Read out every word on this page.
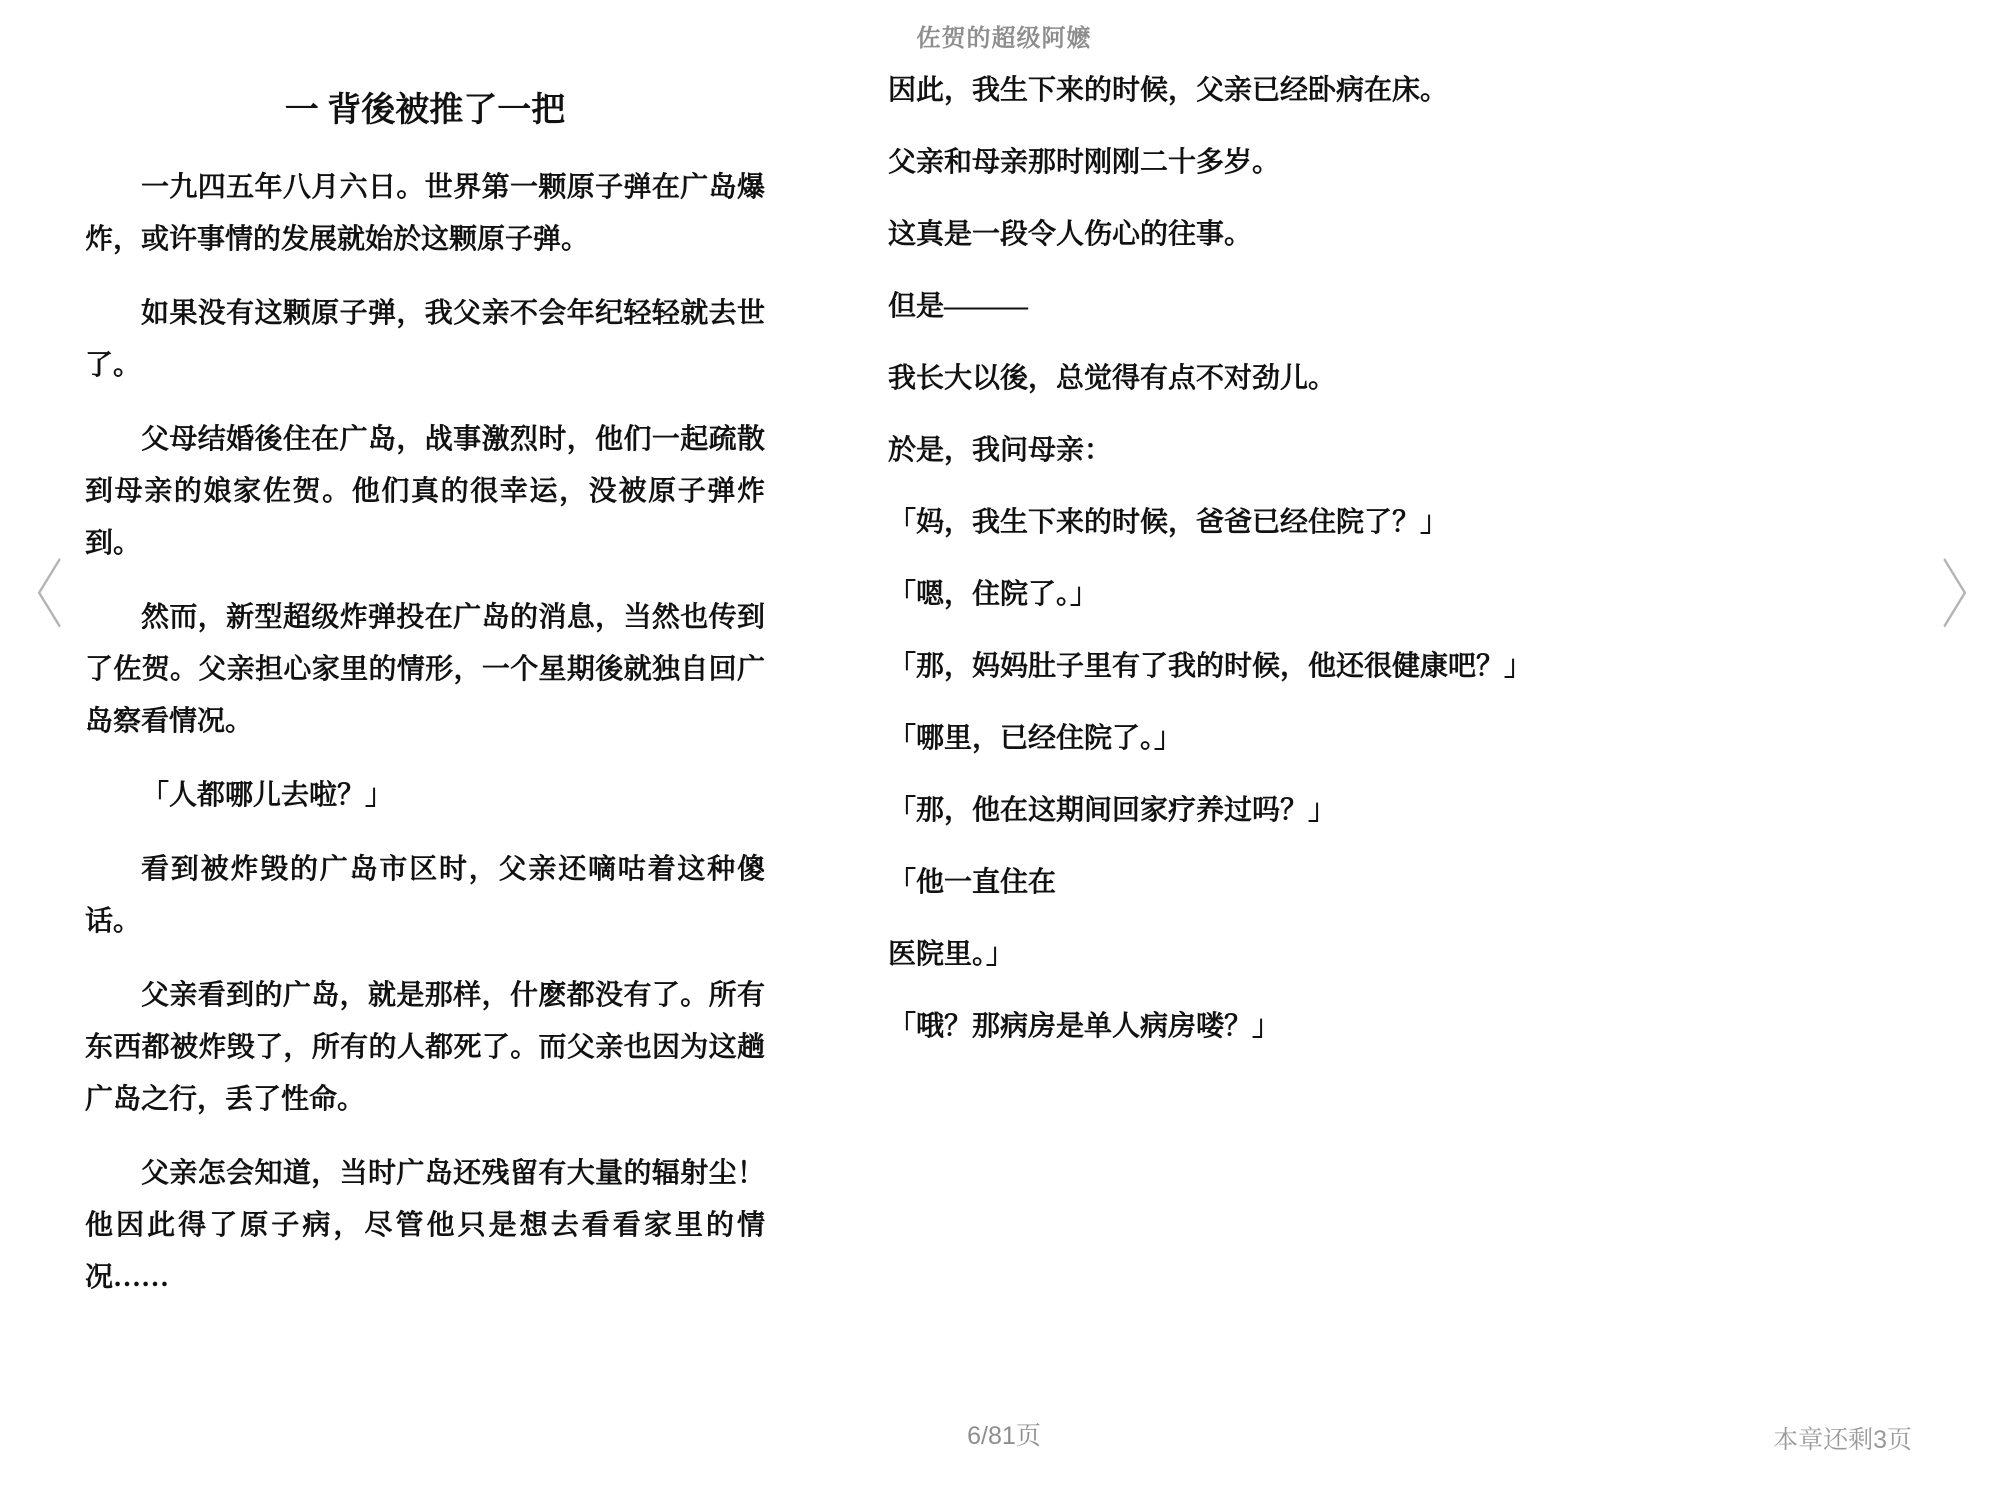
佐贺的超级阿嬷
〈	〉
一 背後被推了一把

一九四五年八月六日。世界第一颗原子弹在广岛爆炸，或许事情的发展就始於这颗原子弹。

如果没有这颗原子弹，我父亲不会年纪轻轻就去世了。

父母结婚後住在广岛，战事激烈时，他们一起疏散到母亲的娘家佐贺。他们真的很幸运，没被原子弹炸到。

然而，新型超级炸弹投在广岛的消息，当然也传到了佐贺。父亲担心家里的情形，一个星期後就独自回广岛察看情况。

「人都哪儿去啦？」

看到被炸毁的广岛市区时，父亲还嘀咕着这种傻话。

父亲看到的广岛，就是那样，什麽都没有了。所有东西都被炸毁了，所有的人都死了。而父亲也因为这趟广岛之行，丢了性命。

父亲怎会知道，当时广岛还残留有大量的辐射尘！他因此得了原子病，尽管他只是想去看看家里的情况……

因此，我生下来的时候，父亲已经卧病在床。

父亲和母亲那时刚刚二十多岁。

这真是一段令人伤心的往事。

但是———

我长大以後，总觉得有点不对劲儿。

於是，我问母亲：

「妈，我生下来的时候，爸爸已经住院了？」

「嗯，住院了。」

「那，妈妈肚子里有了我的时候，他还很健康吧？」

「哪里，已经住院了。」

「那，他在这期间回家疗养过吗？」

「他一直住在

医院里。」

「哦？那病房是单人病房喽？」

6/81页	本章还剩3页
